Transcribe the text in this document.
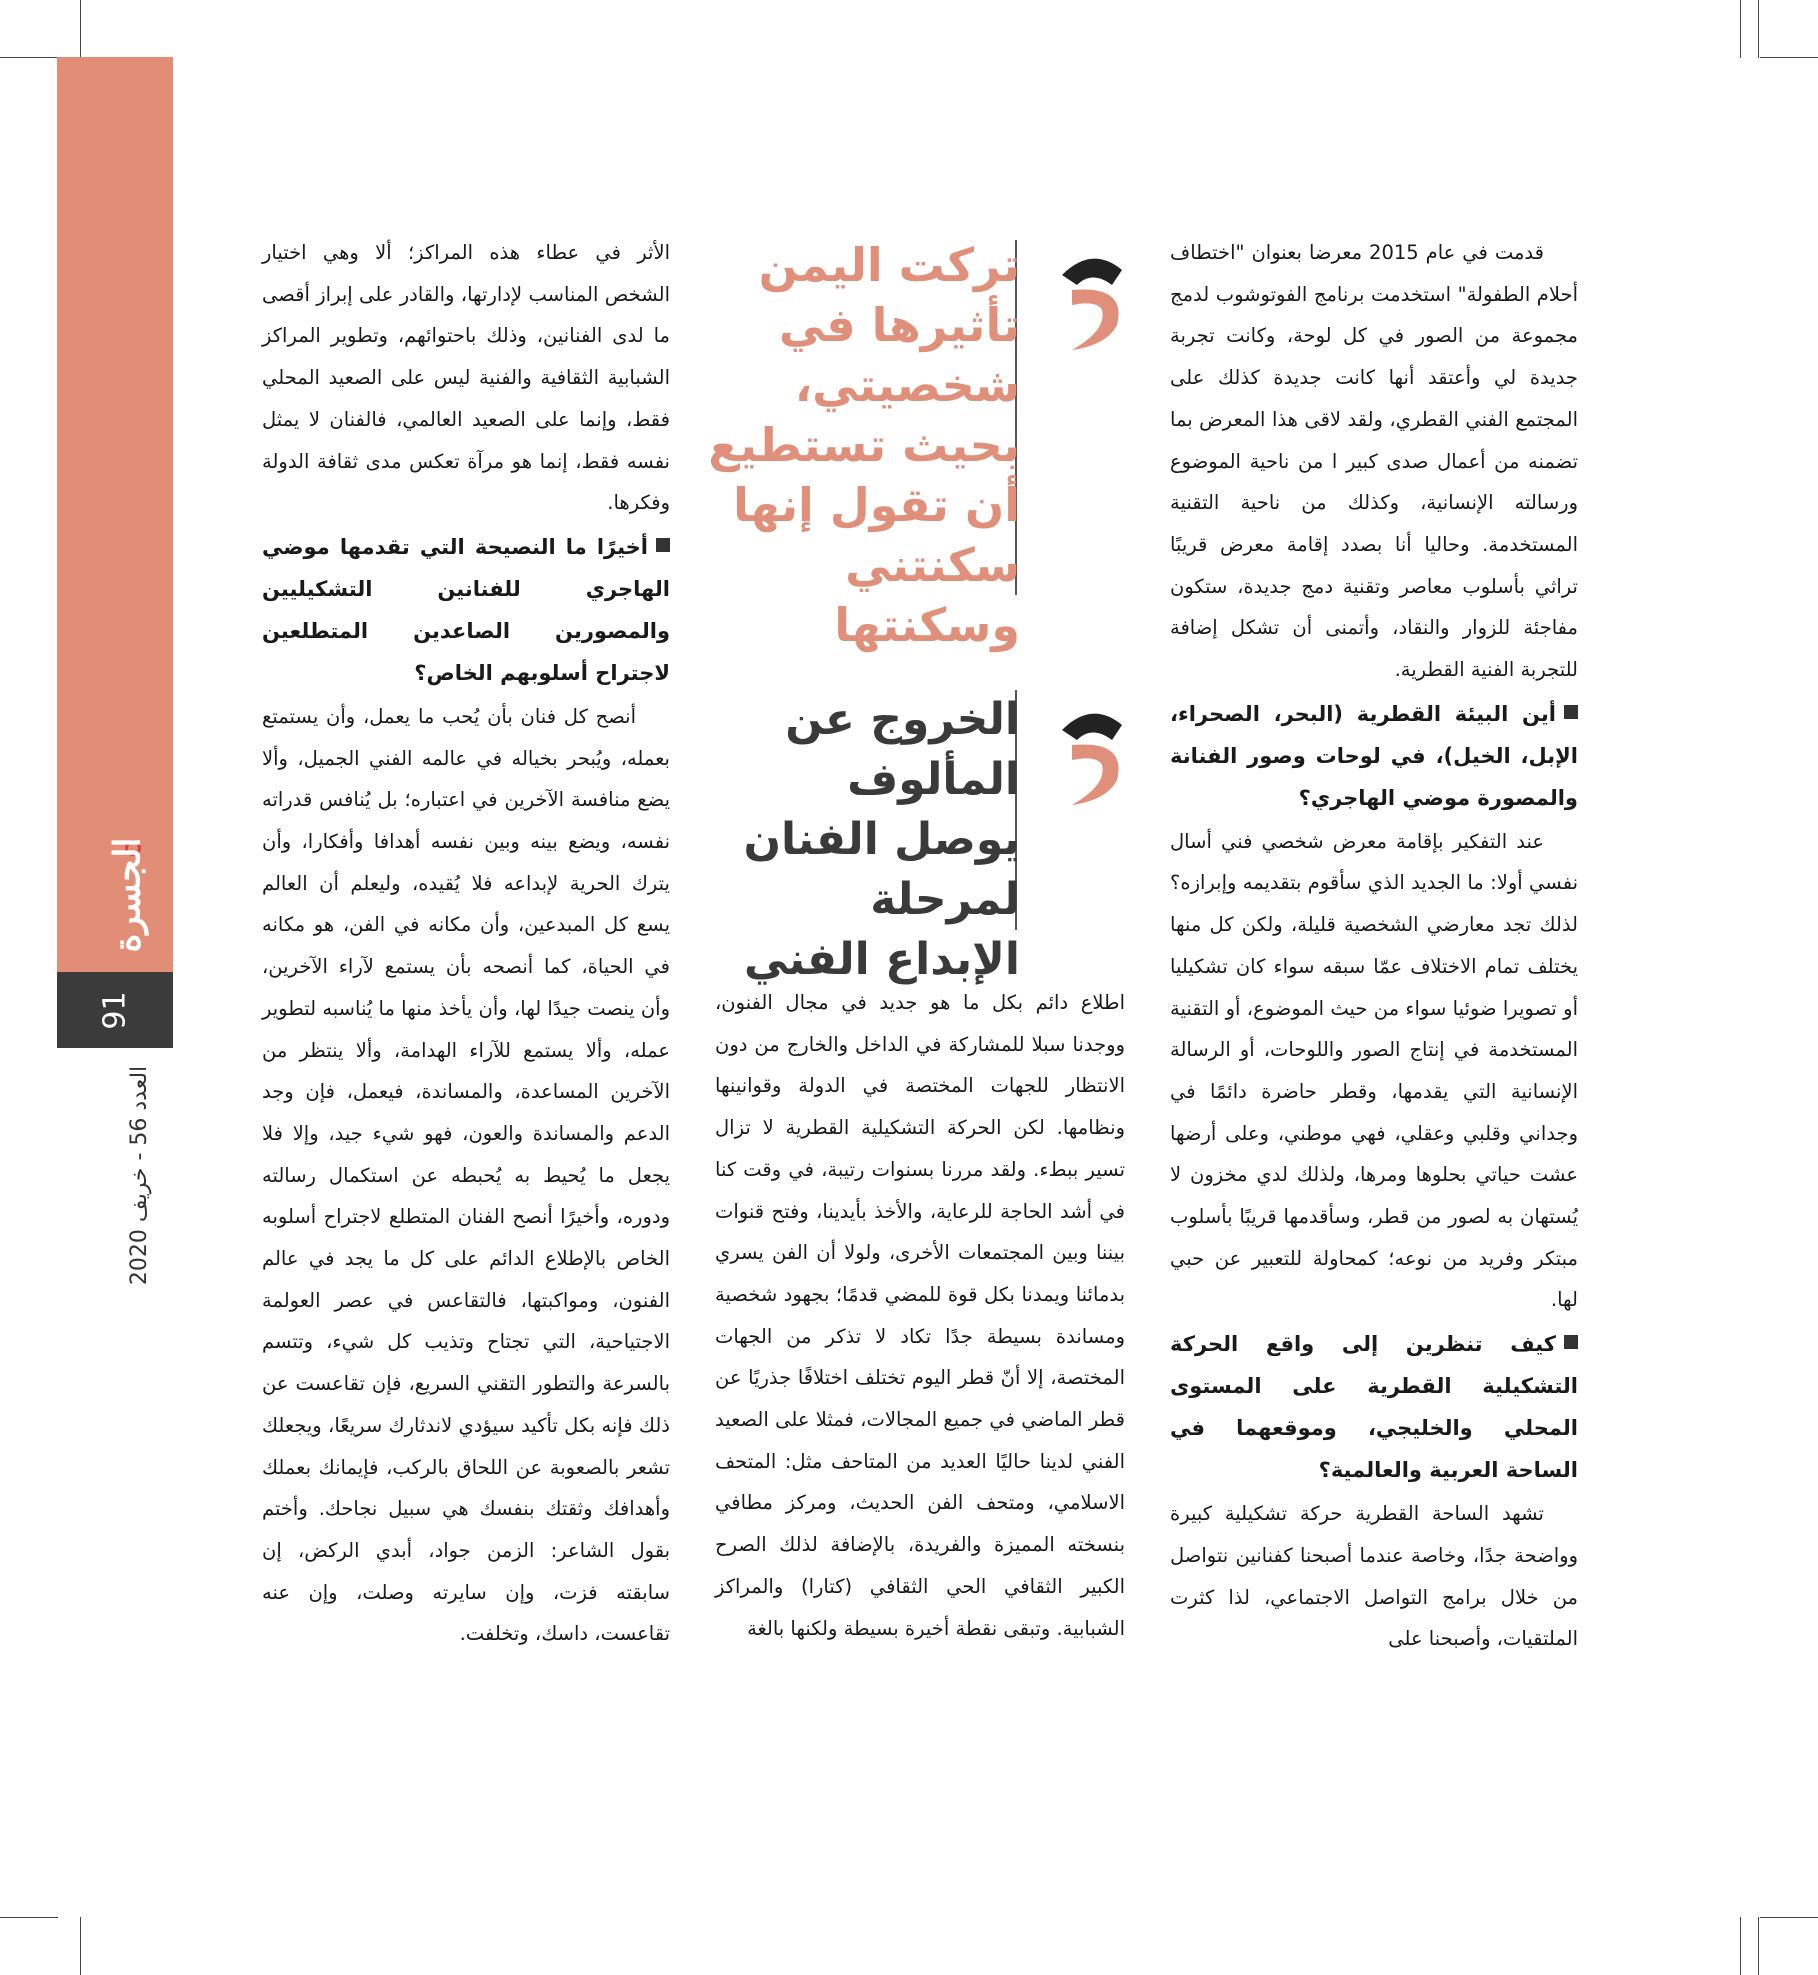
الجسرة
91
العدد 56 - خريف 2020

قدمت في عام 2015 معرضا بعنوان "اختطاف أحلام الطفولة" استخدمت برنامج الفوتوشوب لدمج مجموعة من الصور في كل لوحة، وكانت تجربة جديدة لي وأعتقد أنها كانت جديدة كذلك على المجتمع الفني القطري، ولقد لاقى هذا المعرض بما تضمنه من أعمال صدى كبير ا من ناحية الموضوع ورسالته الإنسانية، وكذلك من ناحية التقنية المستخدمة. وحاليا أنا بصدد إقامة معرض قريبًا تراثي بأسلوب معاصر وتقنية دمج جديدة، ستكون مفاجئة للزوار والنقاد، وأتمنى أن تشكل إضافة للتجربة الفنية القطرية.

أين البيئة القطرية (البحر، الصحراء، الإبل، الخيل)، في لوحات وصور الفنانة والمصورة موضي الهاجري؟

عند التفكير بإقامة معرض شخصي فني أسال نفسي أولا: ما الجديد الذي سأقوم بتقديمه وإبرازه؟ لذلك تجد معارضي الشخصية قليلة، ولكن كل منها يختلف تمام الاختلاف عمّا سبقه سواء كان تشكيليا أو تصويرا ضوئيا سواء من حيث الموضوع، أو التقنية المستخدمة في إنتاج الصور واللوحات، أو الرسالة الإنسانية التي يقدمها، وقطر حاضرة دائمًا في وجداني وقلبي وعقلي، فهي موطني، وعلى أرضها عشت حياتي بحلوها ومرها، ولذلك لدي مخزون لا يُستهان به لصور من قطر، وسأقدمها قريبًا بأسلوب مبتكر وفريد من نوعه؛ كمحاولة للتعبير عن حبي لها.

كيف تنظرين إلى واقع الحركة التشكيلية القطرية على المستوى المحلي والخليجي، وموقعهما في الساحة العربية والعالمية؟

تشهد الساحة القطرية حركة تشكيلية كبيرة وواضحة جدًا، وخاصة عندما أصبحنا كفنانين نتواصل من خلال برامج التواصل الاجتماعي، لذا كثرت الملتقيات، وأصبحنا على

تركت اليمن تأثيرها في شخصيتي، بحيث تستطيع أن تقول إنها سكنتني وسكنتها
الخروج عن المألوف يوصل الفنان لمرحلة الإبداع الفني

اطلاع دائم بكل ما هو جديد في مجال الفنون، ووجدنا سبلا للمشاركة في الداخل والخارج من دون الانتظار للجهات المختصة في الدولة وقوانينها ونظامها. لكن الحركة التشكيلية القطرية لا تزال تسير ببطء. ولقد مررنا بسنوات رتيبة، في وقت كنا في أشد الحاجة للرعاية، والأخذ بأيدينا، وفتح قنوات بيننا وبين المجتمعات الأخرى، ولولا أن الفن يسري بدمائنا ويمدنا بكل قوة للمضي قدمًا؛ بجهود شخصية ومساندة بسيطة جدًا تكاد لا تذكر من الجهات المختصة، إلا أنّ قطر اليوم تختلف اختلافًا جذريًا عن قطر الماضي في جميع المجالات، فمثلا على الصعيد الفني لدينا حاليًا العديد من المتاحف مثل: المتحف الاسلامي، ومتحف الفن الحديث، ومركز مطافي بنسخته المميزة والفريدة، بالإضافة لذلك الصرح الكبير الثقافي الحي الثقافي (كتارا) والمراكز الشبابية. وتبقى نقطة أخيرة بسيطة ولكنها بالغة

الأثر في عطاء هذه المراكز؛ ألا وهي اختيار الشخص المناسب لإدارتها، والقادر على إبراز أقصى ما لدى الفنانين، وذلك باحتوائهم، وتطوير المراكز الشبابية الثقافية والفنية ليس على الصعيد المحلي فقط، وإنما على الصعيد العالمي، فالفنان لا يمثل نفسه فقط، إنما هو مرآة تعكس مدى ثقافة الدولة وفكرها.

أخيرًا ما النصيحة التي تقدمها موضي الهاجري للفنانين التشكيليين والمصورين الصاعدين المتطلعين لاجتراح أسلوبهم الخاص؟

أنصح كل فنان بأن يُحب ما يعمل، وأن يستمتع بعمله، ويُبحر بخياله في عالمه الفني الجميل، وألا يضع منافسة الآخرين في اعتباره؛ بل يُنافس قدراته نفسه، ويضع بينه وبين نفسه أهدافا وأفكارا، وأن يترك الحرية لإبداعه فلا يُقيده، وليعلم أن العالم يسع كل المبدعين، وأن مكانه في الفن، هو مكانه في الحياة، كما أنصحه بأن يستمع لآراء الآخرين، وأن ينصت جيدًا لها، وأن يأخذ منها ما يُناسبه لتطوير عمله، وألا يستمع للآراء الهدامة، وألا ينتظر من الآخرين المساعدة، والمساندة، فيعمل، فإن وجد الدعم والمساندة والعون، فهو شيء جيد، وإلا فلا يجعل ما يُحيط به يُحبطه عن استكمال رسالته ودوره، وأخيرًا أنصح الفنان المتطلع لاجتراح أسلوبه الخاص بالإطلاع الدائم على كل ما يجد في عالم الفنون، ومواكبتها، فالتقاعس في عصر العولمة الاجتياحية، التي تجتاح وتذيب كل شيء، وتتسم بالسرعة والتطور التقني السريع، فإن تقاعست عن ذلك فإنه بكل تأكيد سيؤدي لاندثارك سريعًا، ويجعلك تشعر بالصعوبة عن اللحاق بالركب، فإيمانك بعملك وأهدافك وثقتك بنفسك هي سبيل نجاحك. وأختم بقول الشاعر: الزمن جواد، أبدي الركض، إن سابقته فزت، وإن سايرته وصلت، وإن عنه تقاعست، داسك، وتخلفت.
